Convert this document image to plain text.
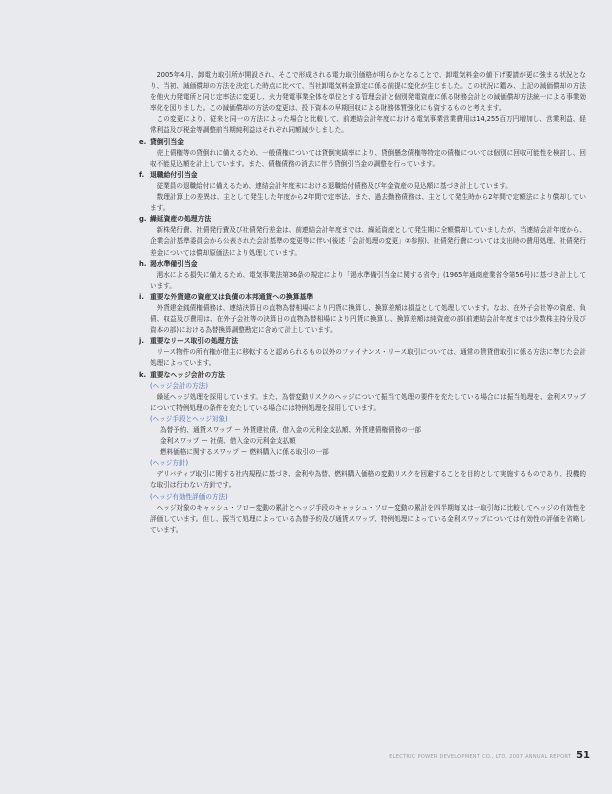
2005年4月、卸電力取引所が開設され、そこで形成される電力取引価格が明らかとなることで、卸電気料金の値下げ要請が更に強まる状況となり、当初、減価償却の方法を決定した時点に比べて、当社卸電気料金算定に係る前提に変化が生じました。この状況に鑑み、上記の減価償却の方法を他火力発電所と同じ定率法に変更し、火力発電事業全体を単位とする管理会計と個別発電資産に係る財務会計との減価償却方法統一による事業効率化を図りました。この減価償却の方法の変更は、投下資本の早期回収による財務体質強化にも資するものと考えます。

この変更により、従来と同一の方法によった場合と比較して、前連結会計年度における電気事業営業費用は14,255百万円増加し、営業利益、経常利益及び税金等調整前当期純利益はそれぞれ同額減少しました。

e. 貸倒引当金

売上債権等の貸倒れに備えるため、一般債権については貸倒実績率により、貸倒懸念債権等特定の債権については個別に回収可能性を検討し、回収不能見込額を計上しています。また、債権債務の消去に伴う貸倒引当金の調整を行っています。

f. 退職給付引当金

従業員の退職給付に備えるため、連結会計年度末における退職給付債務及び年金資産の見込額に基づき計上しています。

数理計算上の差異は、主として発生した年度から2年間で定率法、また、過去勤務債務は、主として発生時から2年間で定額法により償却しています。

g. 繰延資産の処理方法

新株発行費、社債発行費及び社債発行差金は、前連結会計年度までは、繰延資産として発生期に全額償却していましたが、当連結会計年度から、企業会計基準委員会から公表された会計基準の変更等に伴い(後述「会計処理の変更」②参照)、社債発行費については支出時の費用処理、社債発行差金については償却原価法により処理しています。

h. 渇水準備引当金

渇水による損失に備えるため、電気事業法第36条の規定により「渇水準備引当金に関する省令」(1965年通商産業省令第56号)に基づき計上しています。

i. 重要な外貨建の資産又は負債の本邦通貨への換算基準

外貨建金銭債権債務は、連結決算日の直物為替相場により円貨に換算し、換算差額は損益として処理しています。なお、在外子会社等の資産、負債、収益及び費用は、在外子会社等の決算日の直物為替相場により円貨に換算し、換算差額は純資産の部(前連結会計年度までは少数株主持分及び資本の部)における為替換算調整勘定に含めて計上しています。

j. 重要なリース取引の処理方法

リース物件の所有権が借主に移転すると認められるもの以外のファイナンス・リース取引については、通常の賃貸借取引に係る方法に準じた会計処理によっています。

k. 重要なヘッジ会計の方法

(ヘッジ会計の方法)

繰延ヘッジ処理を採用しています。また、為替変動リスクのヘッジについて振当て処理の要件を充たしている場合には振当処理を、金利スワップについて特例処理の条件を充たしている場合には特例処理を採用しています。

(ヘッジ手段とヘッジ対象)

為替予約、通貨スワップ ー 外貨建社債、借入金の元利金支払額、外貨建債権債務の一部

金利スワップ ー 社債、借入金の元利金支払額

燃料価格に関するスワップ ー 燃料購入に係る取引の一部

(ヘッジ方針)

デリバティブ取引に関する社内規程に基づき、金利や為替、燃料購入価格の変動リスクを回避することを目的として実施するものであり、投機的な取引は行わない方針です。

(ヘッジ有効性評価の方法)

ヘッジ対象のキャッシュ・フロー変動の累計とヘッジ手段のキャッシュ・フロー変動の累計を四半期毎又は一取引毎に比較してヘッジの有効性を評価しています。但し、振当て処理によっている為替予約及び通貨スワップ、特例処理によっている金利スワップについては有効性の評価を省略しています。

ELECTRIC POWER DEVELOPMENT CO., LTD. 2007 ANNUAL REPORT 51
